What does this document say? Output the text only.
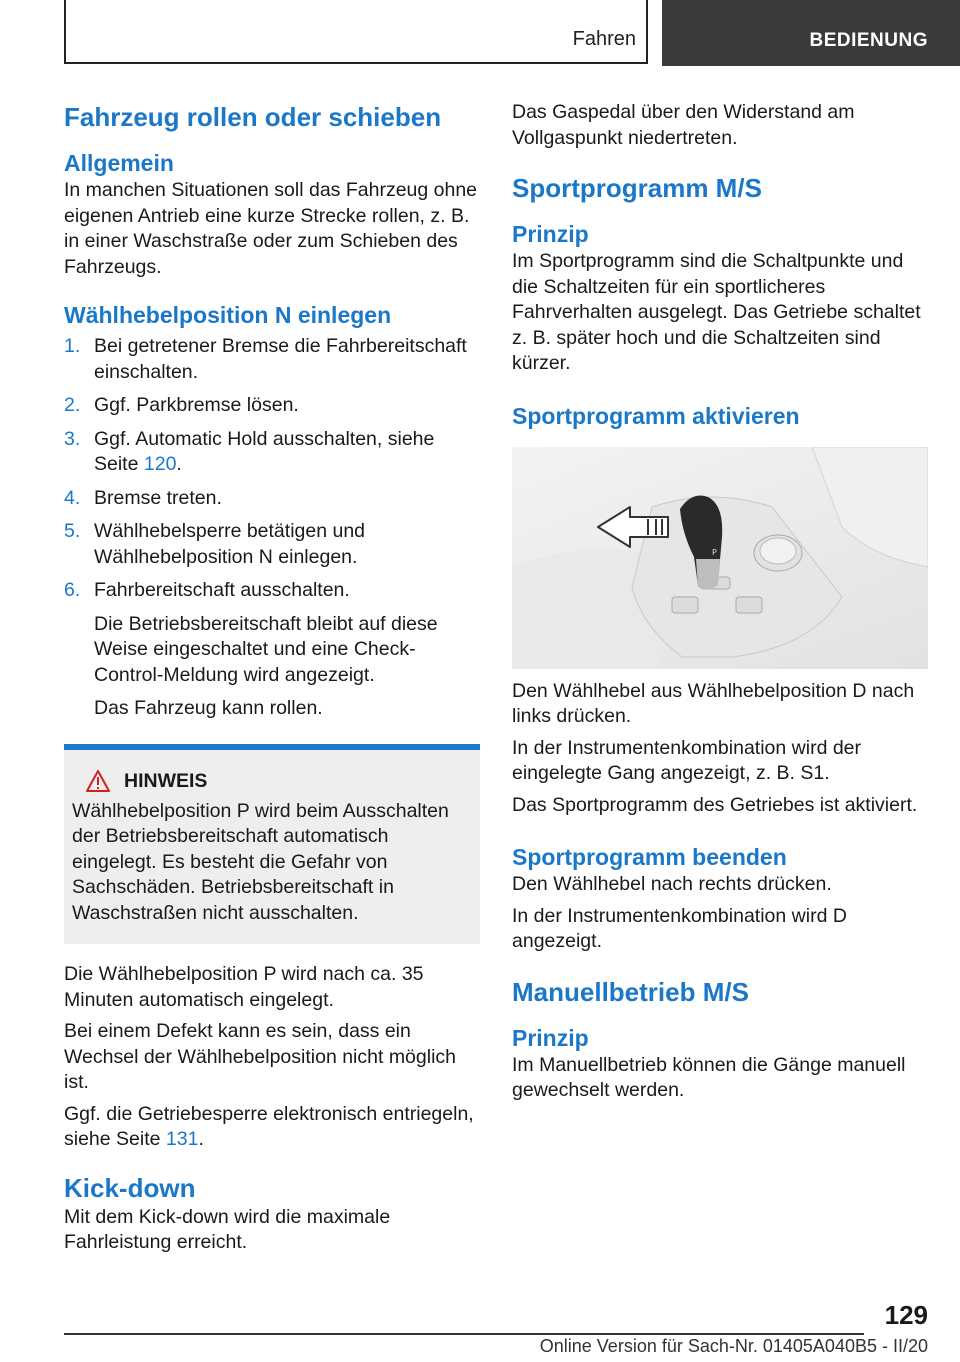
Fahren	BEDIENUNG
Fahrzeug rollen oder schieben
Allgemein

In manchen Situationen soll das Fahrzeug ohne eigenen Antrieb eine kurze Strecke rollen, z. B. in einer Waschstraße oder zum Schieben des Fahrzeugs.

Wählhebelposition N einlegen
1. Bei getretener Bremse die Fahrbereitschaft einschalten.
2. Ggf. Parkbremse lösen.
3. Ggf. Automatic Hold ausschalten, siehe Seite 120.
4. Bremse treten.
5. Wählhebelsperre betätigen und Wählhebelposition N einlegen.
6. Fahrbereitschaft ausschalten.

Die Betriebsbereitschaft bleibt auf diese Weise eingeschaltet und eine Check-Control-Meldung wird angezeigt.

Das Fahrzeug kann rollen.

HINWEIS

Wählhebelposition P wird beim Ausschalten der Betriebsbereitschaft automatisch eingelegt. Es besteht die Gefahr von Sachschäden. Betriebsbereitschaft in Waschstraßen nicht ausschalten.

Die Wählhebelposition P wird nach ca. 35 Minuten automatisch eingelegt.

Bei einem Defekt kann es sein, dass ein Wechsel der Wählhebelposition nicht möglich ist.

Ggf. die Getriebesperre elektronisch entriegeln, siehe Seite 131.

Kick-down

Mit dem Kick-down wird die maximale Fahrleistung erreicht.

Das Gaspedal über den Widerstand am Vollgaspunkt niedertreten.

Sportprogramm M/S
Prinzip

Im Sportprogramm sind die Schaltpunkte und die Schaltzeiten für ein sportlicheres Fahrverhalten ausgelegt. Das Getriebe schaltet z. B. später hoch und die Schaltzeiten sind kürzer.

Sportprogramm aktivieren
P

Den Wählhebel aus Wählhebelposition D nach links drücken.

In der Instrumentenkombination wird der eingelegte Gang angezeigt, z. B. S1.

Das Sportprogramm des Getriebes ist aktiviert.

Sportprogramm beenden

Den Wählhebel nach rechts drücken.

In der Instrumentenkombination wird D angezeigt.

Manuellbetrieb M/S
Prinzip

Im Manuellbetrieb können die Gänge manuell gewechselt werden.

129
Online Version für Sach-Nr. 01405A040B5 - II/20
